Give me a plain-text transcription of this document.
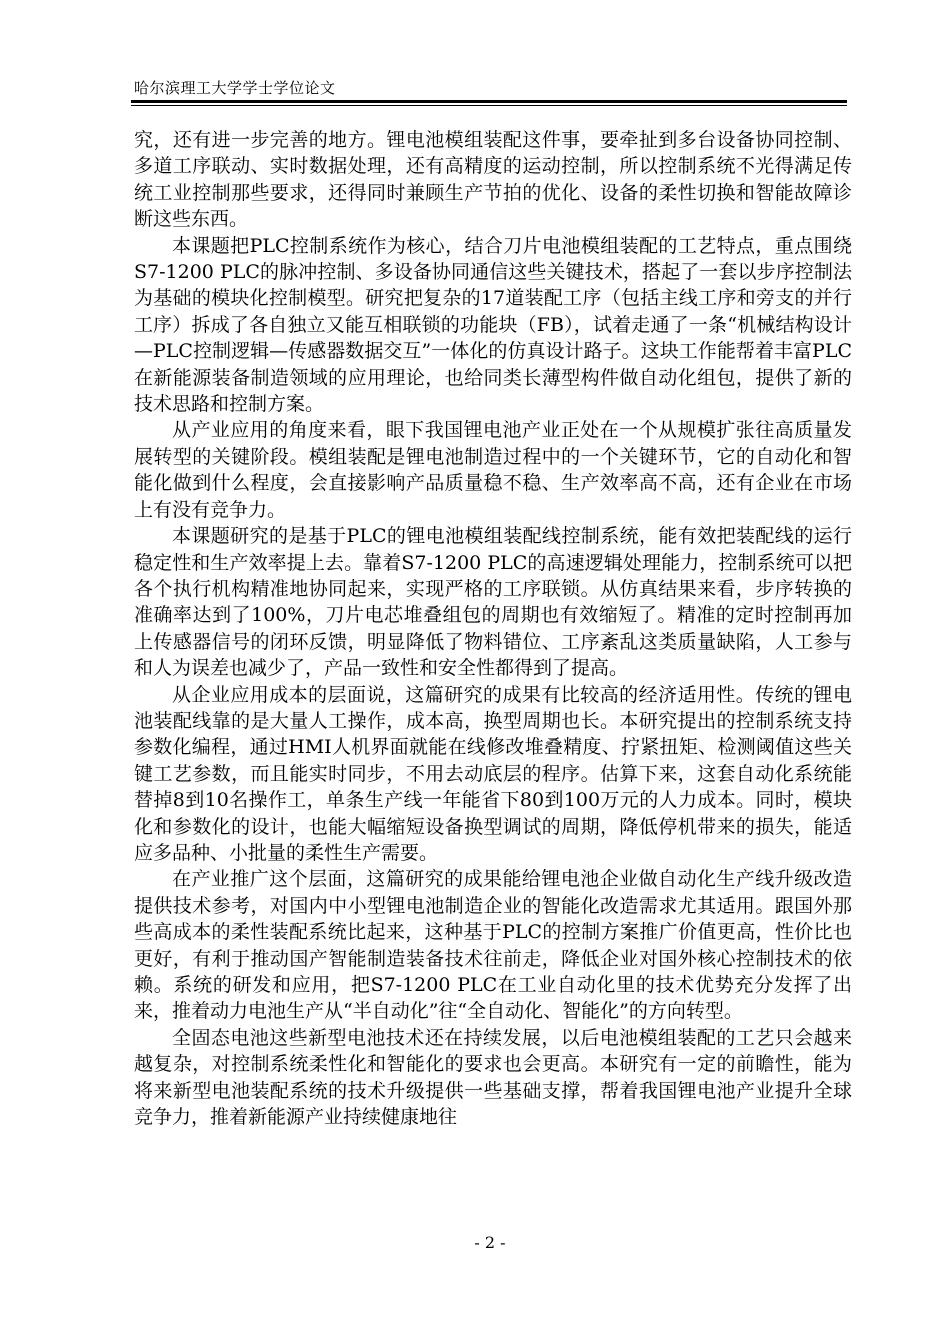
哈尔滨理工大学学士学位论文

究，还有进一步完善的地方。锂电池模组装配这件事，要牵扯到多台设备协同控制、多道工序联动、实时数据处理，还有高精度的运动控制，所以控制系统不光得满足传统工业控制那些要求，还得同时兼顾生产节拍的优化、设备的柔性切换和智能故障诊断这些东西。

本课题把PLC控制系统作为核心，结合刀片电池模组装配的工艺特点，重点围绕S7-1200 PLC的脉冲控制、多设备协同通信这些关键技术，搭起了一套以步序控制法为基础的模块化控制模型。研究把复杂的17道装配工序（包括主线工序和旁支的并行工序）拆成了各自独立又能互相联锁的功能块（FB），试着走通了一条“机械结构设计—PLC控制逻辑—传感器数据交互”一体化的仿真设计路子。这块工作能帮着丰富PLC在新能源装备制造领域的应用理论，也给同类长薄型构件做自动化组包，提供了新的技术思路和控制方案。

从产业应用的角度来看，眼下我国锂电池产业正处在一个从规模扩张往高质量发展转型的关键阶段。模组装配是锂电池制造过程中的一个关键环节，它的自动化和智能化做到什么程度，会直接影响产品质量稳不稳、生产效率高不高，还有企业在市场上有没有竞争力。

本课题研究的是基于PLC的锂电池模组装配线控制系统，能有效把装配线的运行稳定性和生产效率提上去。靠着S7-1200 PLC的高速逻辑处理能力，控制系统可以把各个执行机构精准地协同起来，实现严格的工序联锁。从仿真结果来看，步序转换的准确率达到了100%，刀片电芯堆叠组包的周期也有效缩短了。精准的定时控制再加上传感器信号的闭环反馈，明显降低了物料错位、工序紊乱这类质量缺陷，人工参与和人为误差也减少了，产品一致性和安全性都得到了提高。

从企业应用成本的层面说，这篇研究的成果有比较高的经济适用性。传统的锂电池装配线靠的是大量人工操作，成本高，换型周期也长。本研究提出的控制系统支持参数化编程，通过HMI人机界面就能在线修改堆叠精度、拧紧扭矩、检测阈值这些关键工艺参数，而且能实时同步，不用去动底层的程序。估算下来，这套自动化系统能替掉8到10名操作工，单条生产线一年能省下80到100万元的人力成本。同时，模块化和参数化的设计，也能大幅缩短设备换型调试的周期，降低停机带来的损失，能适应多品种、小批量的柔性生产需要。

在产业推广这个层面，这篇研究的成果能给锂电池企业做自动化生产线升级改造提供技术参考，对国内中小型锂电池制造企业的智能化改造需求尤其适用。跟国外那些高成本的柔性装配系统比起来，这种基于PLC的控制方案推广价值更高，性价比也更好，有利于推动国产智能制造装备技术往前走，降低企业对国外核心控制技术的依赖。系统的研发和应用，把S7-1200 PLC在工业自动化里的技术优势充分发挥了出来，推着动力电池生产从“半自动化”往“全自动化、智能化”的方向转型。

全固态电池这些新型电池技术还在持续发展，以后电池模组装配的工艺只会越来越复杂，对控制系统柔性化和智能化的要求也会更高。本研究有一定的前瞻性，能为将来新型电池装配系统的技术升级提供一些基础支撑，帮着我国锂电池产业提升全球竞争力，推着新能源产业持续健康地往

- 2 -
